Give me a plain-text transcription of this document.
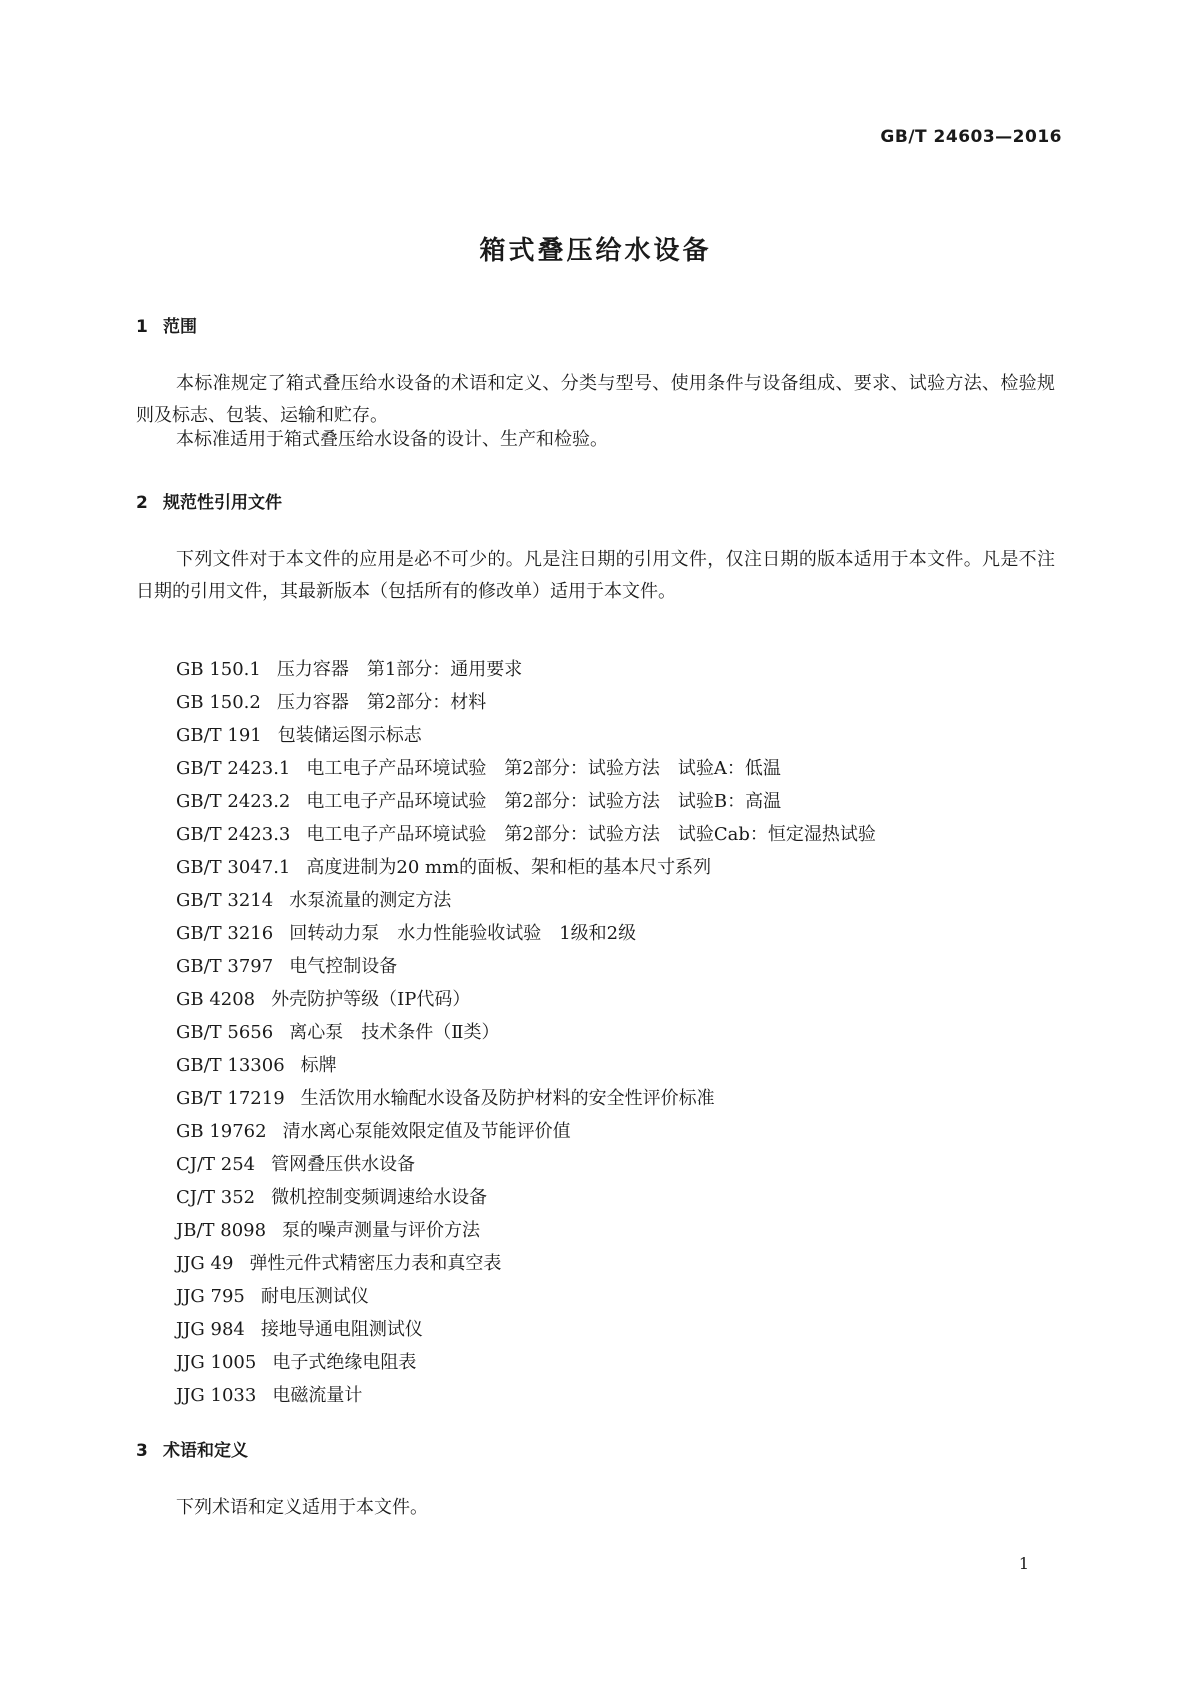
GB/T 24603—2016
箱式叠压给水设备
1 范围

本标准规定了箱式叠压给水设备的术语和定义、分类与型号、使用条件与设备组成、要求、试验方法、检验规则及标志、包装、运输和贮存。

本标准适用于箱式叠压给水设备的设计、生产和检验。

2 规范性引用文件

下列文件对于本文件的应用是必不可少的。凡是注日期的引用文件，仅注日期的版本适用于本文件。凡是不注日期的引用文件，其最新版本（包括所有的修改单）适用于本文件。

GB 150.1 压力容器　第1部分：通用要求
GB 150.2 压力容器　第2部分：材料
GB/T 191 包装储运图示标志
GB/T 2423.1 电工电子产品环境试验　第2部分：试验方法　试验A：低温
GB/T 2423.2 电工电子产品环境试验　第2部分：试验方法　试验B：高温
GB/T 2423.3 电工电子产品环境试验　第2部分：试验方法　试验Cab：恒定湿热试验
GB/T 3047.1 高度进制为20 mm的面板、架和柜的基本尺寸系列
GB/T 3214 水泵流量的测定方法
GB/T 3216 回转动力泵　水力性能验收试验　1级和2级
GB/T 3797 电气控制设备
GB 4208 外壳防护等级（IP代码）
GB/T 5656 离心泵　技术条件（Ⅱ类）
GB/T 13306 标牌
GB/T 17219 生活饮用水输配水设备及防护材料的安全性评价标准
GB 19762 清水离心泵能效限定值及节能评价值
CJ/T 254 管网叠压供水设备
CJ/T 352 微机控制变频调速给水设备
JB/T 8098 泵的噪声测量与评价方法
JJG 49 弹性元件式精密压力表和真空表
JJG 795 耐电压测试仪
JJG 984 接地导通电阻测试仪
JJG 1005 电子式绝缘电阻表
JJG 1033 电磁流量计
3 术语和定义

下列术语和定义适用于本文件。

1
